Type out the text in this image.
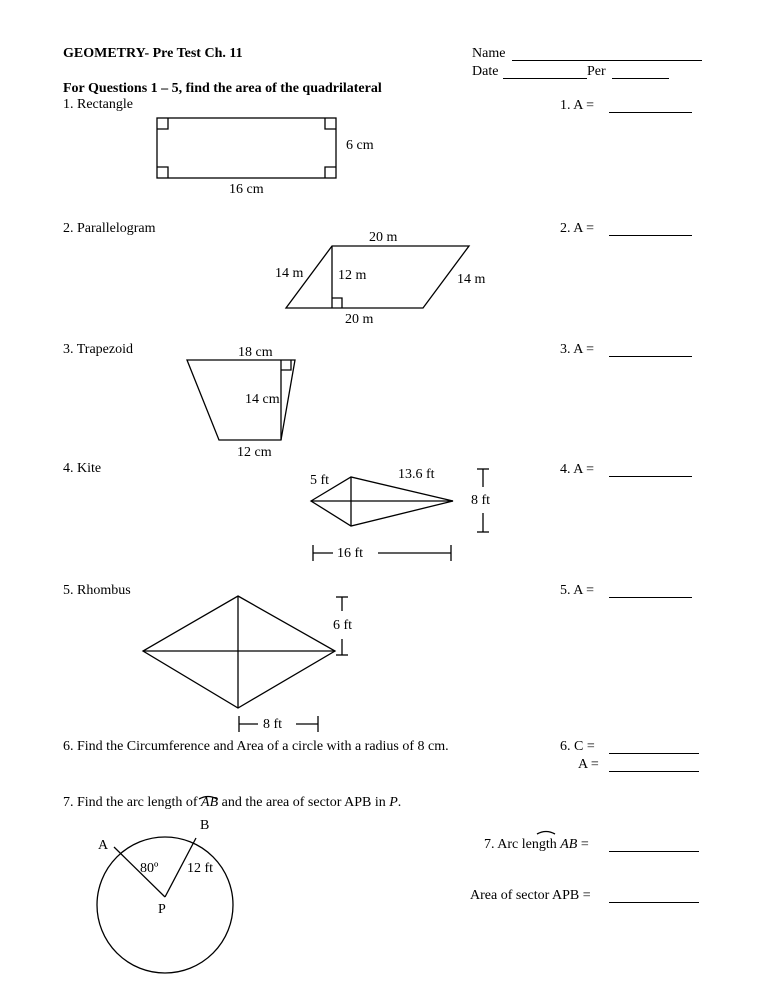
GEOMETRY- Pre Test Ch. 11	Name
Date	Per
For Questions 1 – 5, find the area of the quadrilateral
1. Rectangle
2. Parallelogram
3. Trapezoid
4. Kite
5. Rhombus
1. A =
2. A =
3. A =
4. A =
5. A =
6. Find the Circumference and Area of a circle with a radius of 8 cm.	6. C =
A =
7. Find the arc length of AB and the area of sector APB in P.
7. Arc length AB =
Area of sector APB =
6 cm
16 cm
20 m
14 m 12 m	14 m
20 m
18 cm
14 cm
12 cm
5 ft	13.6 ft
8 ft
16 ft
6 ft
8 ft
B
A
80º 12 ft
P
